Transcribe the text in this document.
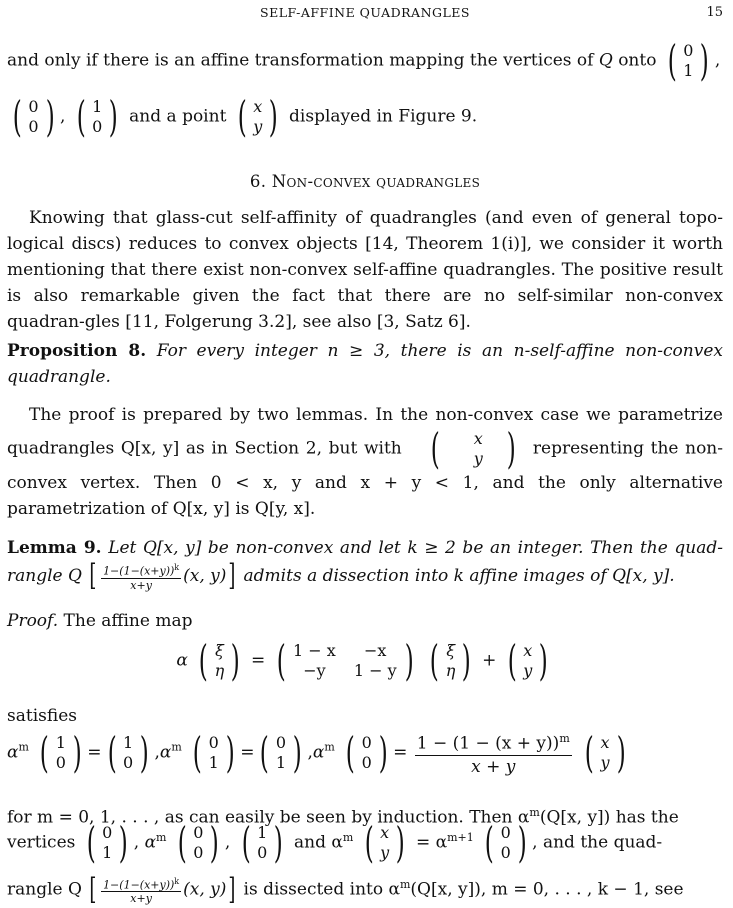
SELF-AFFINE QUADRANGLES	15
and only if there is an affine transformation mapping the vertices of Q onto ( 0
1 ) ,
( 0
0 ) , ( 1
0 ) and a point ( x
y ) displayed in Figure 9.
6. Non-convex quadrangles
Knowing that glass-cut self-affinity of quadrangles (and even of general topo-logical discs) reduces to convex objects [14, Theorem 1(i)], we consider it worth mentioning that there exist non-convex self-affine quadrangles. The positive result is also remarkable given the fact that there are no self-similar non-convex quadran-gles [11, Folgerung 3.2], see also [3, Satz 6].
Proposition 8. For every integer n ≥ 3, there is an n-self-affine non-convex quadrangle.
The proof is prepared by two lemmas. In the non-convex case we parametrize quadrangles Q[x, y] as in Section 2, but with (	x
y ) representing the non-convex vertex. Then 0 < x, y and x + y < 1, and the only alternative parametrization of Q[x, y] is Q[y, x].
Lemma 9. Let Q[x, y] be non-convex and let k ≥ 2 be an integer. Then the quad-rangle Q [ $\frac{1-(1-(x+y))^k}{x+y} (x$, y)] admits a dissection into k affine images of Q[x, y].
Proof. The affine map
α ( ξ
η ) = ( 1 − x −x
−y 1 − y )
( ξ
η ) + ( x
y )
satisfies
$\alpha^m$ ( 1
0 ) = ( 1
0 ) $,\alpha^m$ ( 0
1 ) = ( 0
1 ) $,\alpha^m$ ( 0
0 ) = $\frac{1 - (1 - (x + y))^m}{x + y}$
( x
y )
for m = 0, 1, . . . , as can easily be seen by induction. Then $\alpha^m(Q[x$, y]) has the
vertices ( 0
1 ) , $\alpha^m$ ( 0
0 ) , ( 1
0 ) and $\alpha^m$ ( x
y ) = $\alpha^{m+1}$ ( 0
0 ) , and the quad-
rangle Q [ $\frac{1-(1-(x+y))^k}{x+y} (x$, y)] is dissected into $\alpha^m(Q[x$, y]), m = 0, . . . , k − 1, see
